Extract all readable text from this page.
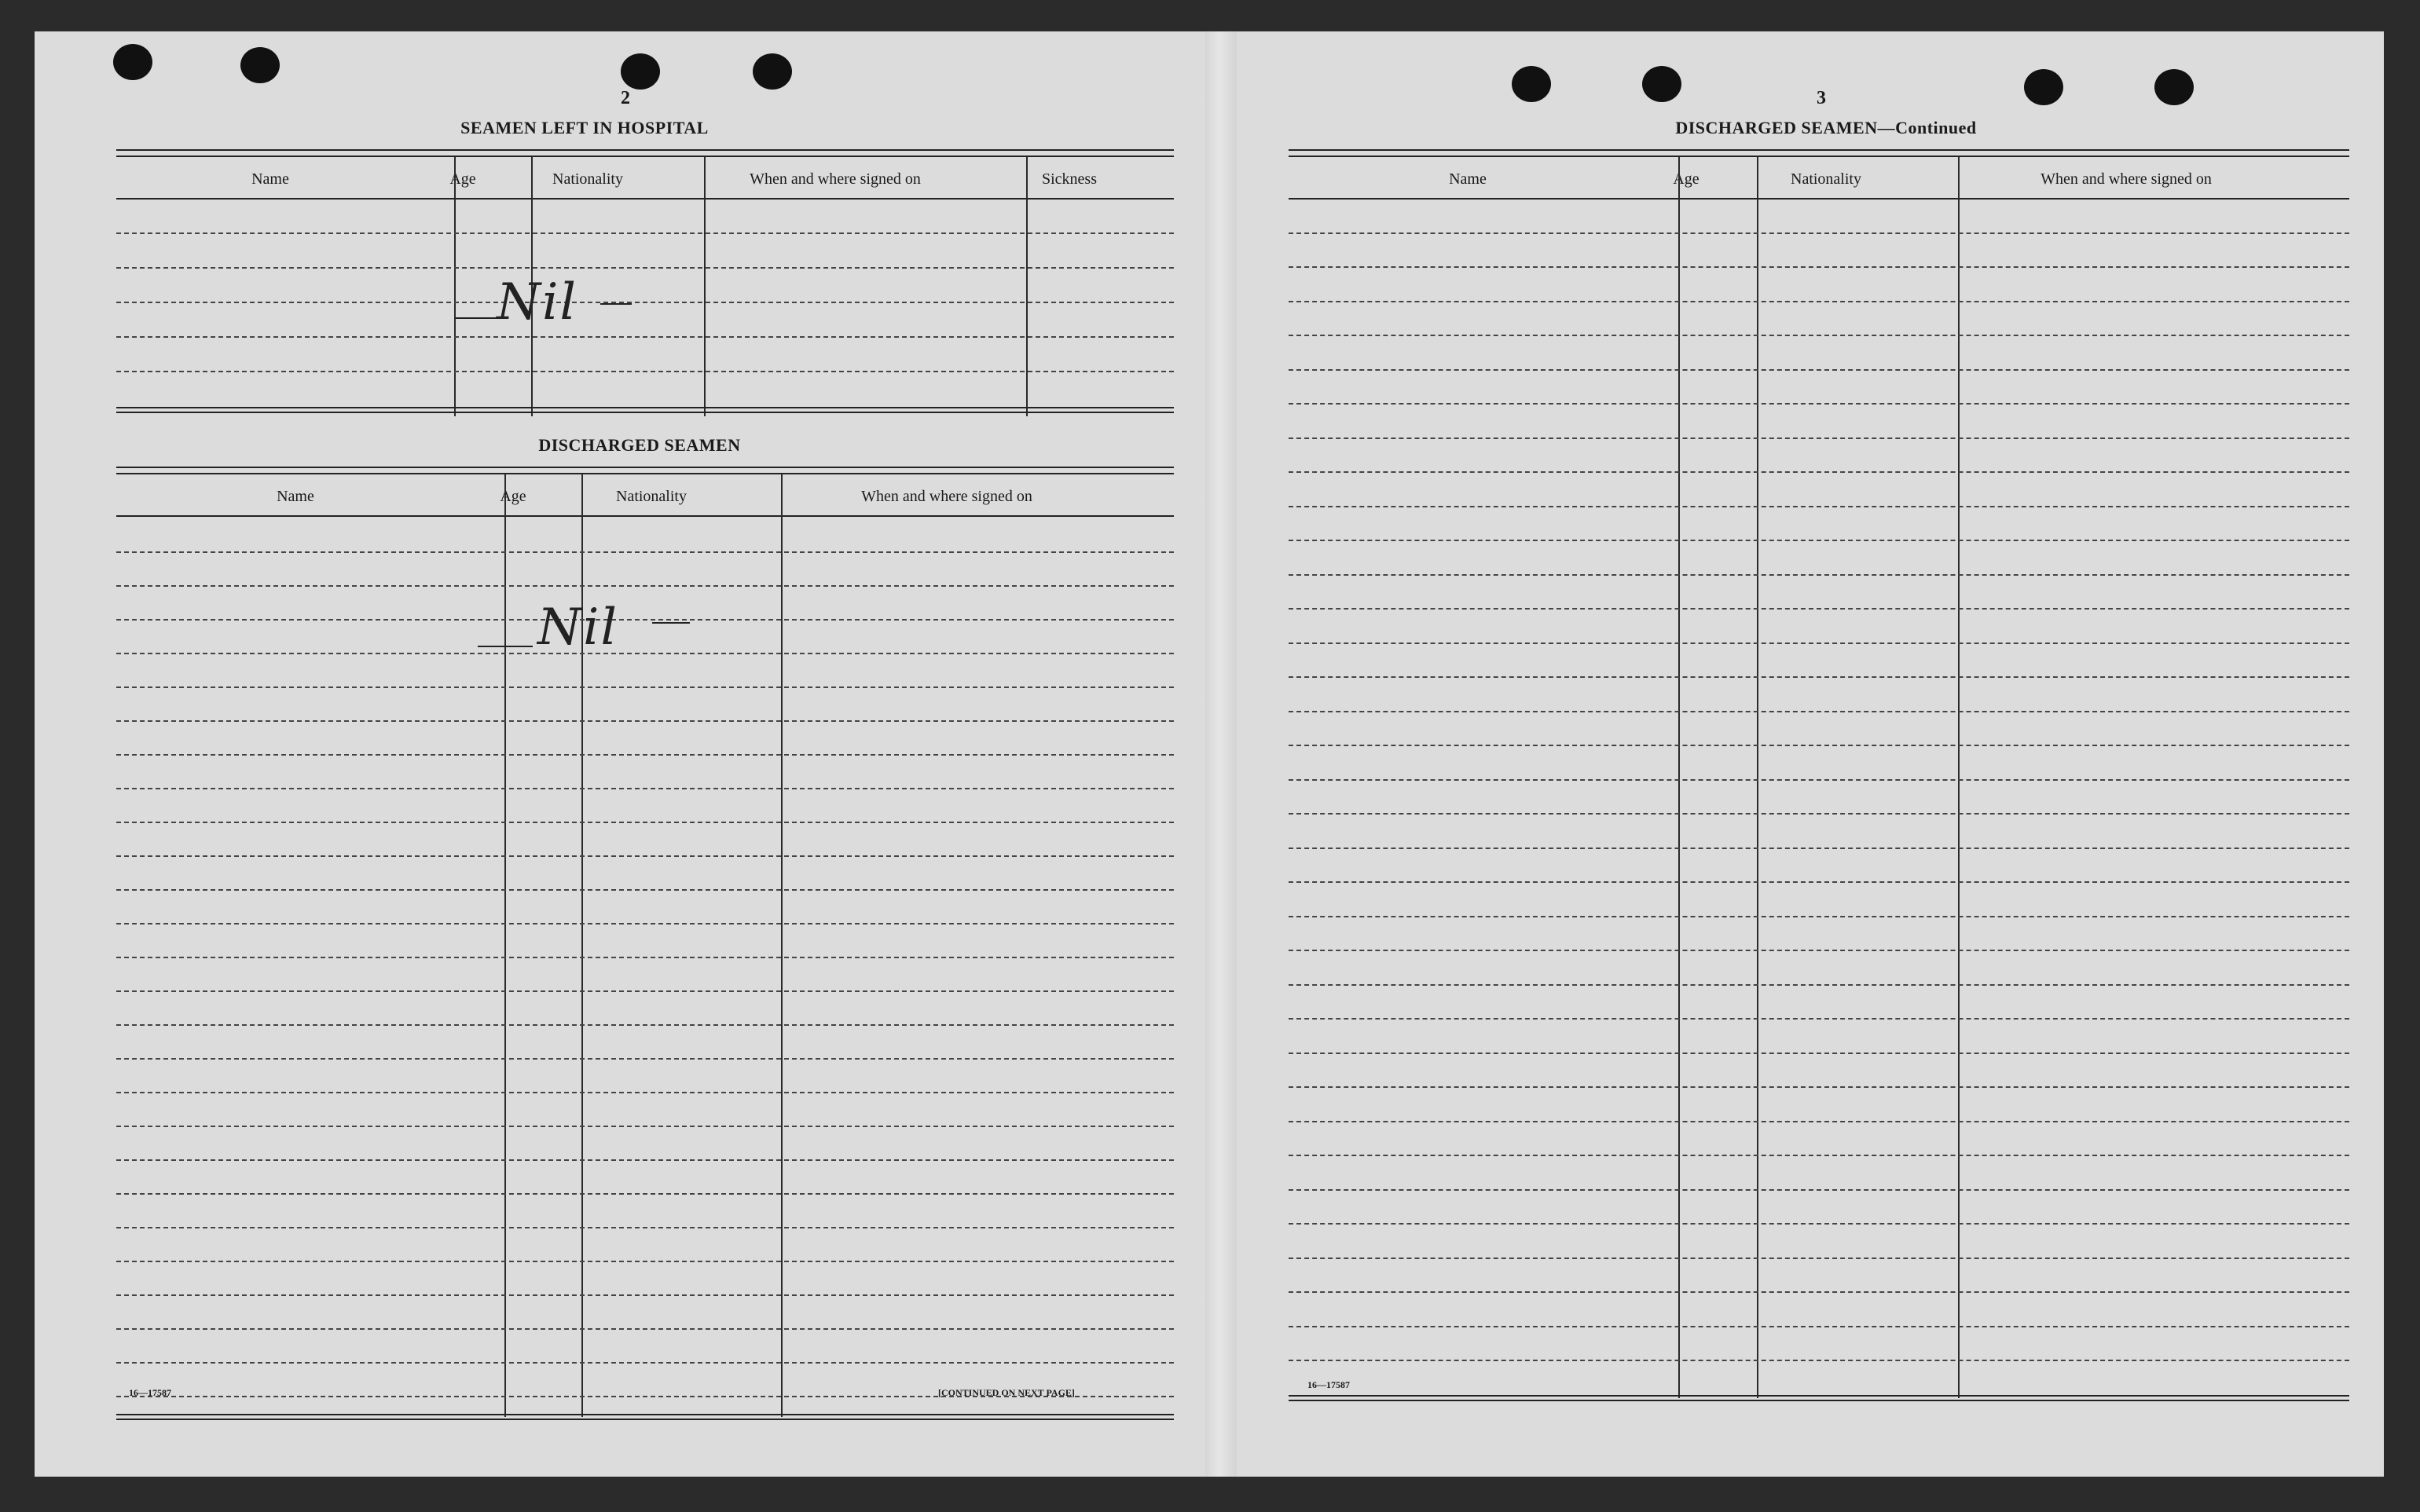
2
SEAMEN LEFT IN HOSPITAL
Name	Age	Nationality	When and where signed on	Sickness
Nil
DISCHARGED SEAMEN
Name	Age	Nationality	When and where signed on
Nil
16—17587	[CONTINUED ON NEXT PAGE]
3
DISCHARGED SEAMEN—Continued
Name	Age	Nationality	When and where signed on
16—17587
